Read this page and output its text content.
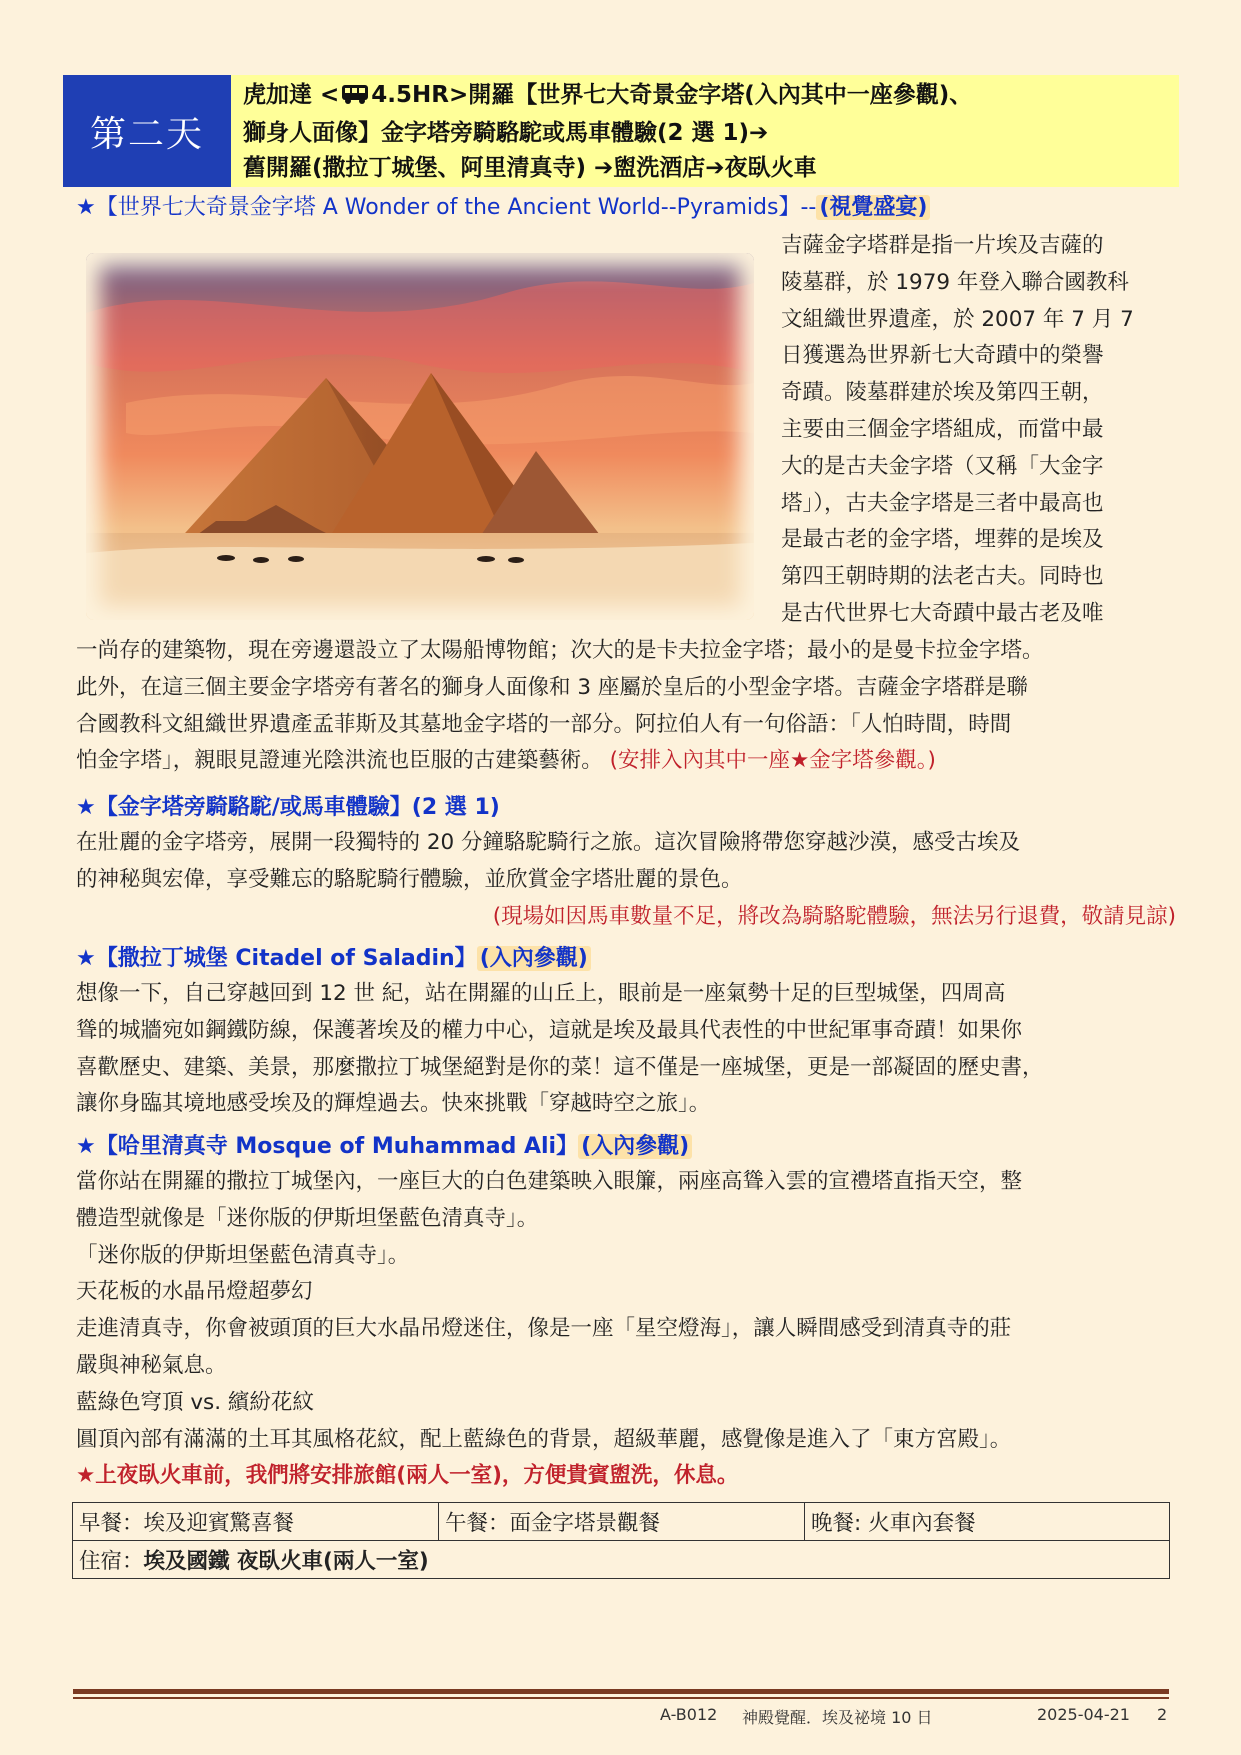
第二天
虎加達 < 4.5HR>開羅【世界七大奇景金字塔(入內其中一座參觀)、
獅身人面像】金字塔旁騎駱駝或馬車體驗(2 選 1)➔
舊開羅(撒拉丁城堡、阿里清真寺) ➔盥洗酒店➔夜臥火車
★【世界七大奇景金字塔 A Wonder of the Ancient World--Pyramids】-- (視覺盛宴)
吉薩金字塔群是指一片埃及吉薩的
陵墓群，於 1979 年登入聯合國教科
文組織世界遺產，於 2007 年 7 月 7
日獲選為世界新七大奇蹟中的榮譽
奇蹟。陵墓群建於埃及第四王朝，
主要由三個金字塔組成，而當中最
大的是古夫金字塔（又稱「大金字
塔」），古夫金字塔是三者中最高也
是最古老的金字塔，埋葬的是埃及
第四王朝時期的法老古夫。同時也
是古代世界七大奇蹟中最古老及唯
一尚存的建築物，現在旁邊還設立了太陽船博物館；次大的是卡夫拉金字塔；最小的是曼卡拉金字塔。
此外，在這三個主要金字塔旁有著名的獅身人面像和 3 座屬於皇后的小型金字塔。吉薩金字塔群是聯
合國教科文組織世界遺產孟菲斯及其墓地金字塔的一部分。阿拉伯人有一句俗語：「人怕時間，時間
怕金字塔」，親眼見證連光陰洪流也臣服的古建築藝術。 (安排入內其中一座★金字塔參觀。)
★【金字塔旁騎駱駝/或馬車體驗】(2 選 1)
在壯麗的金字塔旁，展開一段獨特的 20 分鐘駱駝騎行之旅。這次冒險將帶您穿越沙漠，感受古埃及
的神秘與宏偉，享受難忘的駱駝騎行體驗，並欣賞金字塔壯麗的景色。
(現場如因馬車數量不足，將改為騎駱駝體驗，無法另行退費，敬請見諒)
★【撒拉丁城堡 Citadel of Saladin】 (入內參觀)
想像一下，自己穿越回到 12 世 紀，站在開羅的山丘上，眼前是一座氣勢十足的巨型城堡，四周高
聳的城牆宛如鋼鐵防線，保護著埃及的權力中心，這就是埃及最具代表性的中世紀軍事奇蹟！如果你
喜歡歷史、建築、美景，那麼撒拉丁城堡絕對是你的菜！這不僅是一座城堡，更是一部凝固的歷史書，
讓你身臨其境地感受埃及的輝煌過去。快來挑戰「穿越時空之旅」。
★【哈里清真寺 Mosque of Muhammad Ali】 (入內參觀)
當你站在開羅的撒拉丁城堡內，一座巨大的白色建築映入眼簾，兩座高聳入雲的宣禮塔直指天空，整
體造型就像是「迷你版的伊斯坦堡藍色清真寺」。
「迷你版的伊斯坦堡藍色清真寺」。
天花板的水晶吊燈超夢幻
走進清真寺，你會被頭頂的巨大水晶吊燈迷住，像是一座「星空燈海」，讓人瞬間感受到清真寺的莊
嚴與神秘氣息。
藍綠色穹頂 vs. 繽紛花紋
圓頂內部有滿滿的土耳其風格花紋，配上藍綠色的背景，超級華麗，感覺像是進入了「東方宮殿」。
★上夜臥火車前，我們將安排旅館(兩人一室)，方便貴賓盥洗，休息。
早餐：埃及迎賓驚喜餐	午餐：面金字塔景觀餐	晚餐: 火車內套餐
住宿：埃及國鐵 夜臥火車(兩人一室)
A-B012 神殿覺醒．埃及祕境 10 日	2025-04-21 2
